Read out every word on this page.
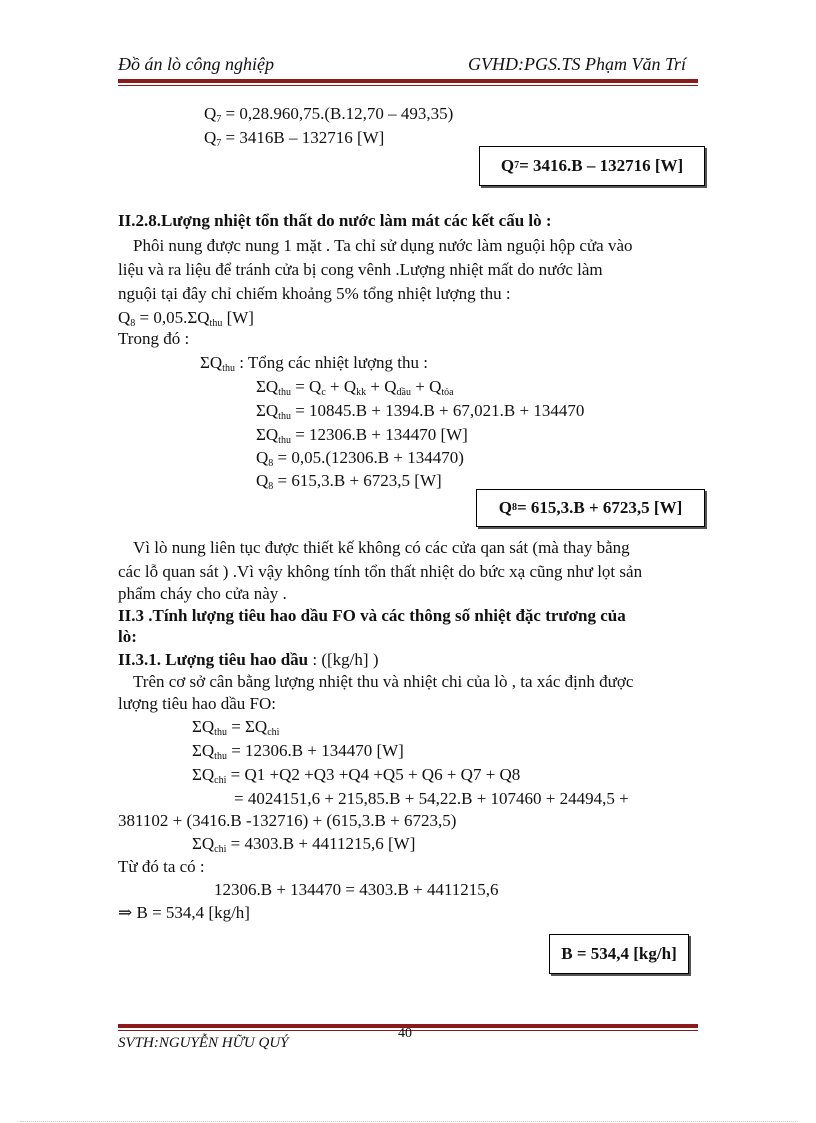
Đồ án lò công nghiệp	GVHD:PGS.TS Phạm Văn Trí
$Q_7 = 0,28.960,75.(B.12,70 - 493,35)$
$Q_7 = 3416B - 132716$ [W]
Q 7 = 3416.B – 132716 [W]
II.2.8.Lượng nhiệt tổn thất do nước làm mát các kết cấu lò :
Phôi nung được nung 1 mặt . Ta chỉ sử dụng nước làm nguội hộp cửa vào
liệu và ra liệu để tránh cửa bị cong vênh .Lượng nhiệt mất do nước làm
nguội tại đây chỉ chiếm khoảng 5% tổng nhiệt lượng thu :
$Q_8 = 0,05.\Sigma Q_{thu}$ [W]
Trong đó :
$\Sigma Q_{thu}$ : Tổng các nhiệt lượng thu :
$\Sigma Q_{thu} = Q_c + Q_{kk} + Q_{dầu} + Q_{tỏa}$
$\Sigma Q_{thu} = 10845.B + 1394.B + 67,021.B + 134470$
$\Sigma Q_{thu} = 12306.B + 134470$ [W]
$Q_8 = 0,05.(12306.B + 134470)$
$Q_8 = 615,3.B + 6723,5$ [W]
Q 8 = 615,3.B + 6723,5 [W]
Vì lò nung liên tục được thiết kế không có các cửa qan sát (mà thay bằng
các lỗ quan sát ) .Vì vậy không tính tổn thất nhiệt do bức xạ cũng như lọt sản
phẩm cháy cho cửa này .
II.3 .Tính lượng tiêu hao dầu FO và các thông số nhiệt đặc trương của
lò:
II.3.1. Lượng tiêu hao dầu : ([kg/h] )
Trên cơ sở cân bằng lượng nhiệt thu và nhiệt chi của lò , ta xác định được
lượng tiêu hao dầu FO:
$\Sigma Q_{thu} = \Sigma Q_{chi}$
$\Sigma Q_{thu} = 12306.B + 134470$ [W]
$\Sigma Q_{chi} = Q1 +Q2 +Q3 +Q4 +Q5 + Q6 + Q7 + Q8$
= 4024151,6 + 215,85.B + 54,22.B + 107460 + 24494,5 +
381102 + (3416.B -132716) + (615,3.B + 6723,5)
$\Sigma Q_{chi} = 4303.B + 4411215,6$ [W]
Từ đó ta có :
12306.B + 134470 = 4303.B + 4411215,6
⇒ B = 534,4 [kg/h]
B = 534,4 [kg/h]
40
SVTH:NGUYỄN HỮU QUÝ
